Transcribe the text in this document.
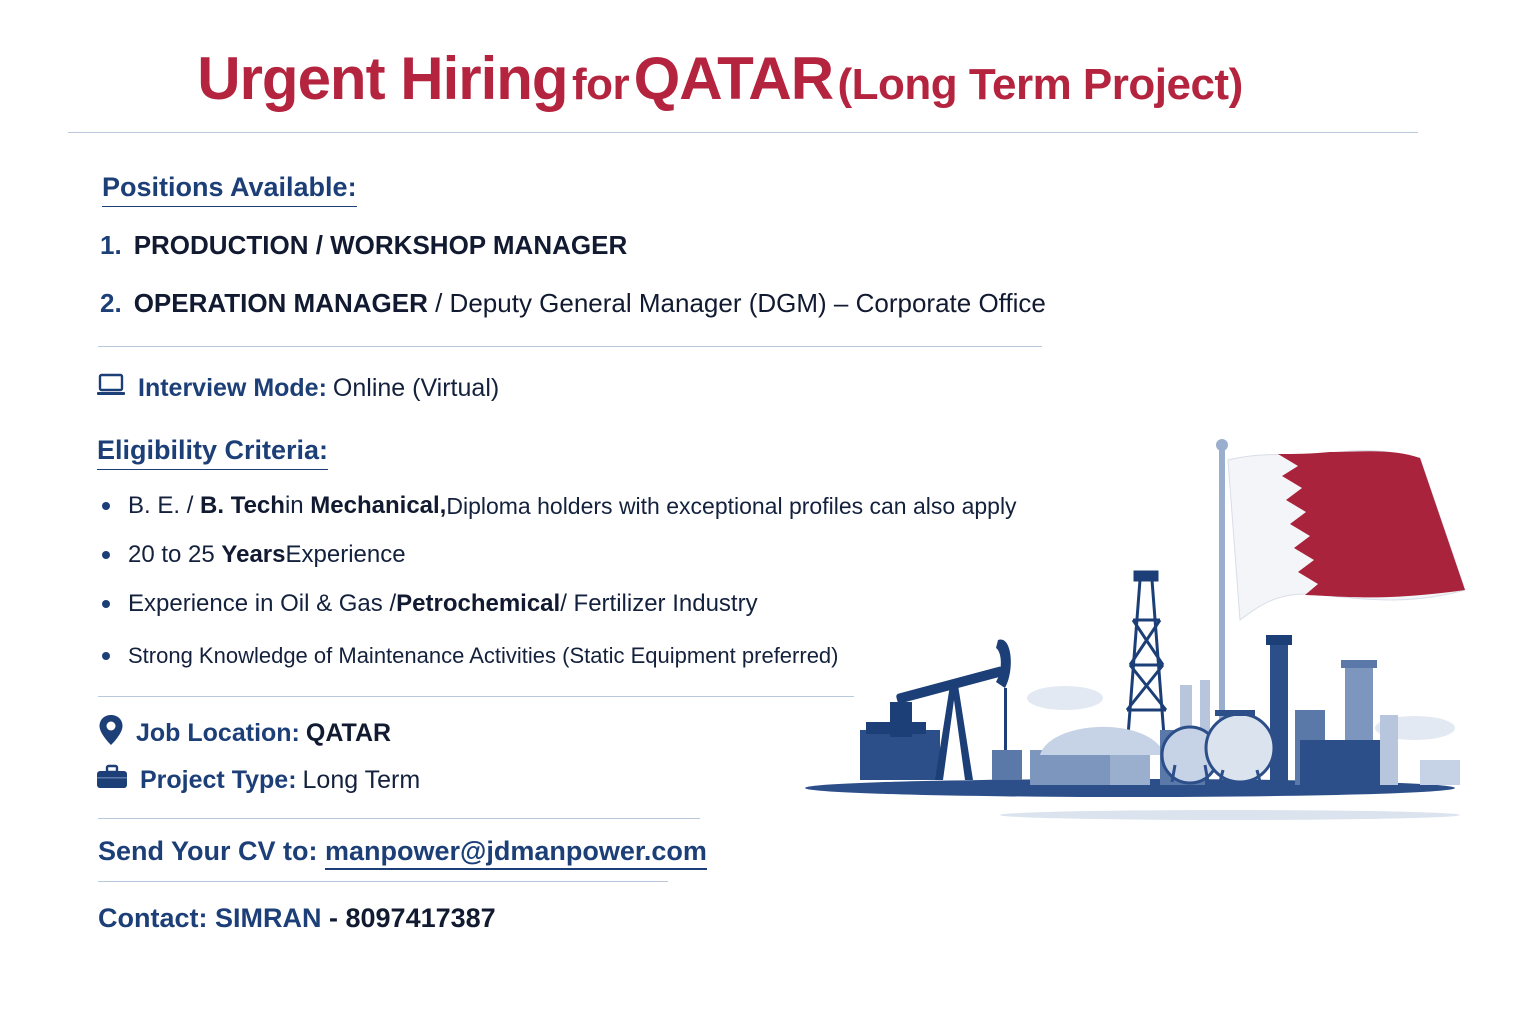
Urgent Hiring for QATAR (Long Term Project)
Positions Available:
1. PRODUCTION / WORKSHOP MANAGER
2. OPERATION MANAGER / Deputy General Manager (DGM) – Corporate Office
Interview Mode: Online (Virtual)
Eligibility Criteria:
B. E. /
B. Tech in
Mechanical, Diploma holders with exceptional profiles can also apply
20 to 25
Years Experience
Experience in Oil & Gas / Petrochemical / Fertilizer Industry
Strong Knowledge of Maintenance Activities (Static Equipment preferred)
Job Location: QATAR
Project Type: Long Term
Send Your CV to: manpower@jdmanpower.com
Contact: SIMRAN - 8097417387
